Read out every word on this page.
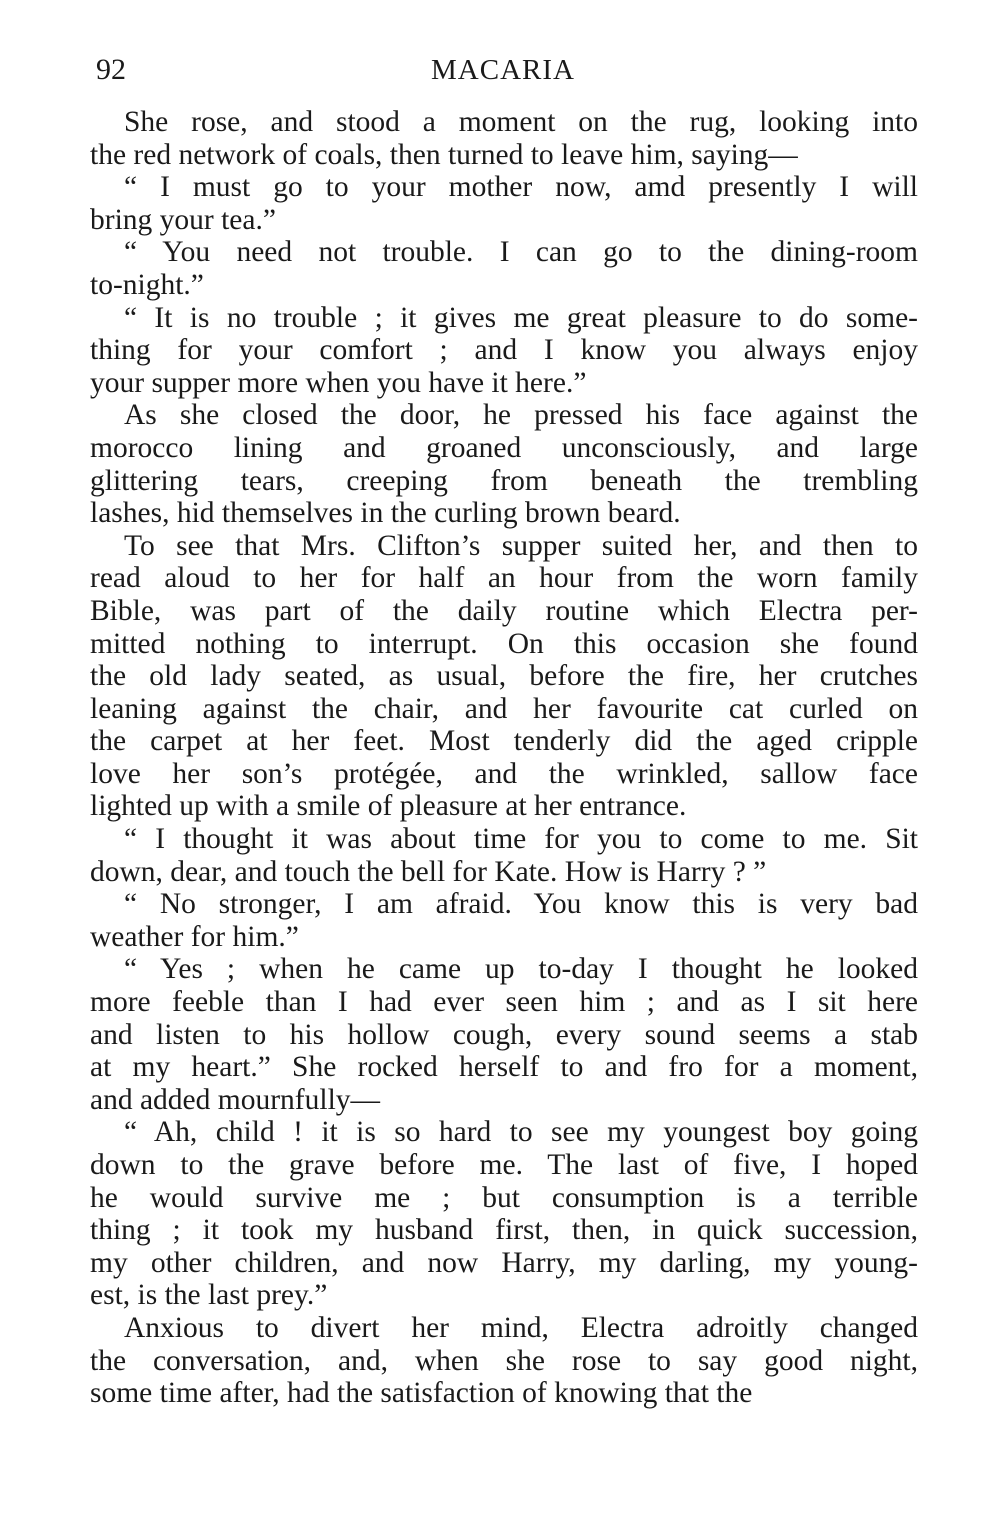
92	MACARIA

She rose, and stood a moment on the rug, looking into
the red network of coals, then turned to leave him, saying—

“ I must go to your mother now, amd presently I will
bring your tea.”

“ You need not trouble. I can go to the dining-room
to-night.”

“ It is no trouble ; it gives me great pleasure to do some-
thing for your comfort ; and I know you always enjoy
your supper more when you have it here.”

As she closed the door, he pressed his face against the
morocco lining and groaned unconsciously, and large
glittering tears, creeping from beneath the trembling
lashes, hid themselves in the curling brown beard.

To see that Mrs. Clifton’s supper suited her, and then to
read aloud to her for half an hour from the worn family
Bible, was part of the daily routine which Electra per-
mitted nothing to interrupt. On this occasion she found
the old lady seated, as usual, before the fire, her crutches
leaning against the chair, and her favourite cat curled on
the carpet at her feet. Most tenderly did the aged cripple
love her son’s protégée, and the wrinkled, sallow face
lighted up with a smile of pleasure at her entrance.

“ I thought it was about time for you to come to me. Sit
down, dear, and touch the bell for Kate. How is Harry ? ”

“ No stronger, I am afraid. You know this is very bad
weather for him.”

“ Yes ; when he came up to-day I thought he looked
more feeble than I had ever seen him ; and as I sit here
and listen to his hollow cough, every sound seems a stab
at my heart.” She rocked herself to and fro for a moment,
and added mournfully—

“ Ah, child ! it is so hard to see my youngest boy going
down to the grave before me. The last of five, I hoped
he would survive me ; but consumption is a terrible
thing ; it took my husband first, then, in quick succession,
my other children, and now Harry, my darling, my young-
est, is the last prey.”

Anxious to divert her mind, Electra adroitly changed
the conversation, and, when she rose to say good night,
some time after, had the satisfaction of knowing that the
